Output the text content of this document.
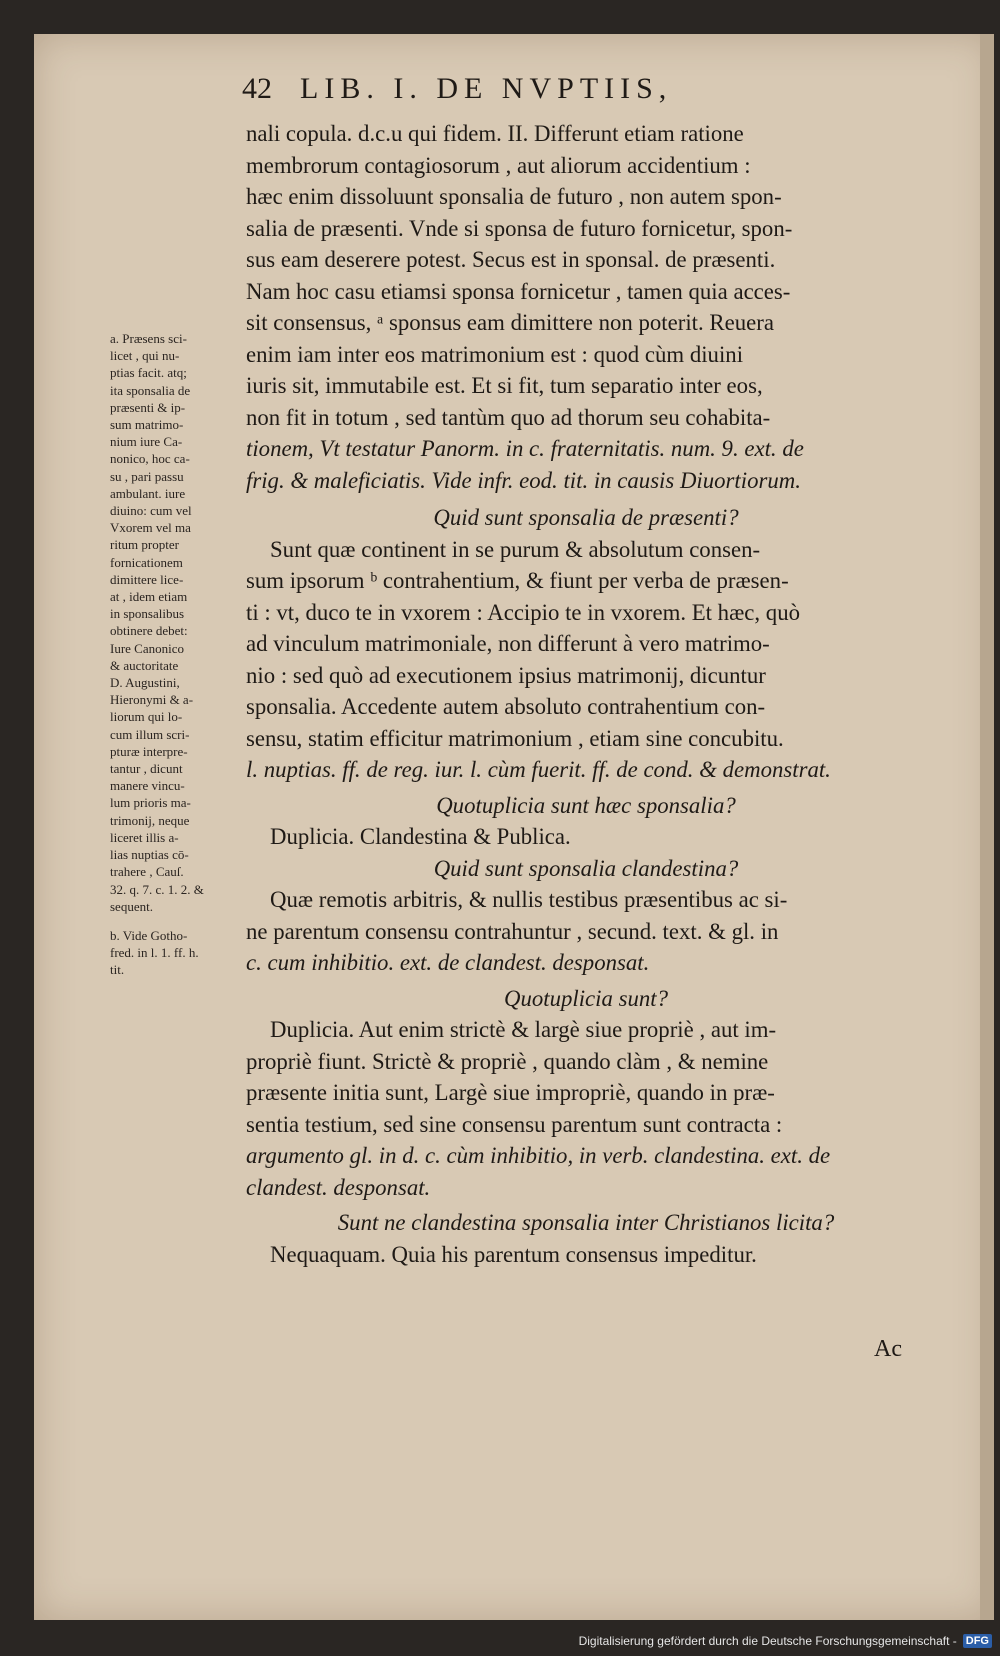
42 LIB. I. DE NVPTIIS,
nali copula. d.c.u qui fidem. II. Differunt etiam ratione
membrorum contagiosorum , aut aliorum accidentium :
hæc enim dissoluunt sponsalia de futuro , non autem spon-
salia de præsenti. Vnde si sponsa de futuro fornicetur, spon-
sus eam deserere potest. Secus est in sponsal. de præsenti.
Nam hoc casu etiamsi sponsa fornicetur , tamen quia acces-
sit consensus, ᵃ sponsus eam dimittere non poterit. Reuera
enim iam inter eos matrimonium est : quod cùm diuini
iuris sit, immutabile est. Et si fit, tum separatio inter eos,
non fit in totum , sed tantùm quo ad thorum seu cohabita-
tionem, Vt testatur Panorm. in c. fraternitatis. num. 9. ext. de
frig. & maleficiatis. Vide infr. eod. tit. in causis Diuortiorum.
Quid sunt sponsalia de præsenti?
Sunt quæ continent in se purum & absolutum consen-
sum ipsorum ᵇ contrahentium, & fiunt per verba de præsen-
ti : vt, duco te in vxorem : Accipio te in vxorem. Et hæc, quò
ad vinculum matrimoniale, non differunt à vero matrimo-
nio : sed quò ad executionem ipsius matrimonij, dicuntur
sponsalia. Accedente autem absoluto contrahentium con-
sensu, statim efficitur matrimonium , etiam sine concubitu.
l. nuptias. ff. de reg. iur. l. cùm fuerit. ff. de cond. & demonstrat.
Quotuplicia sunt hæc sponsalia?
Duplicia. Clandestina & Publica.
Quid sunt sponsalia clandestina?
Quæ remotis arbitris, & nullis testibus præsentibus ac si-
ne parentum consensu contrahuntur , secund. text. & gl. in
c. cum inhibitio. ext. de clandest. desponsat.
Quotuplicia sunt?
Duplicia. Aut enim strictè & largè siue propriè , aut im-
propriè fiunt. Strictè & propriè , quando clàm , & nemine
præsente initia sunt, Largè siue impropriè, quando in præ-
sentia testium, sed sine consensu parentum sunt contracta :
argumento gl. in d. c. cùm inhibitio, in verb. clandestina. ext. de
clandest. desponsat.
Sunt ne clandestina sponsalia inter Christianos licita?
Nequaquam. Quia his parentum consensus impeditur.
Ac
a. Præsens sci-
licet , qui nu-
ptias facit. atq;
ita sponsalia de
præsenti & ip-
sum matrimo-
nium iure Ca-
nonico, hoc ca-
su , pari passu
ambulant. iure
diuino: cum vel
Vxorem vel ma
ritum propter
fornicationem
dimittere lice-
at , idem etiam
in sponsalibus
obtinere debet:
Iure Canonico
& auctoritate
D. Augustini,
Hieronymi & a-
liorum qui lo-
cum illum scri-
pturæ interpre-
tantur , dicunt
manere vincu-
lum prioris ma-
trimonij, neque
liceret illis a-
lias nuptias cō-
trahere , Cauſ.
32. q. 7. c. 1. 2. &
sequent.
b. Vide Gotho-
fred. in l. 1. ff. h.
tit.
Digitalisierung gefördert durch die Deutsche Forschungsgemeinschaft - DFG
